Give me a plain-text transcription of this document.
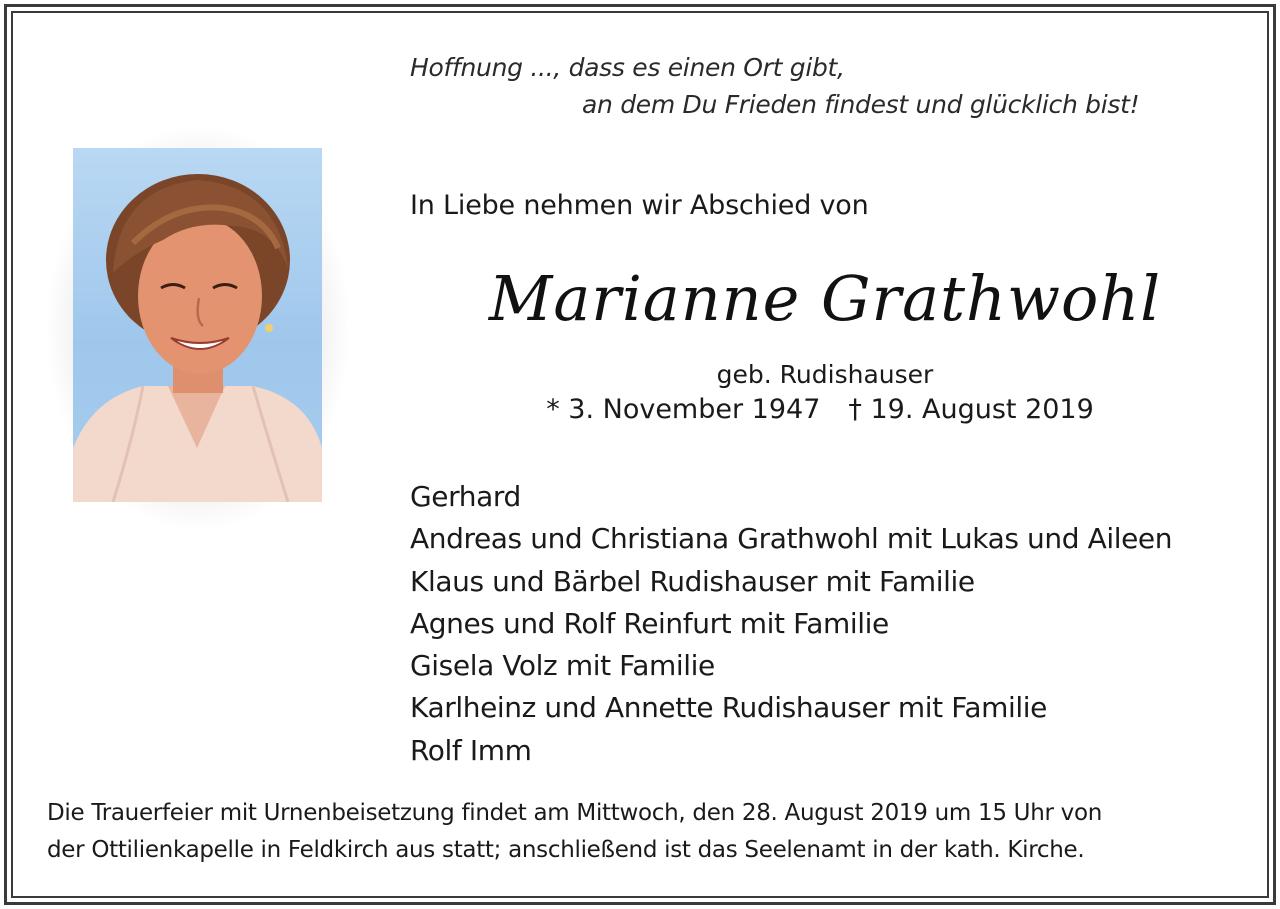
Hoffnung ..., dass es einen Ort gibt,
an dem Du Frieden findest und glücklich bist!
In Liebe nehmen wir Abschied von
Marianne Grathwohl
geb. Rudishauser
* 3. November 1947 † 19. August 2019
Gerhard
Andreas und Christiana Grathwohl mit Lukas und Aileen
Klaus und Bärbel Rudishauser mit Familie
Agnes und Rolf Reinfurt mit Familie
Gisela Volz mit Familie
Karlheinz und Annette Rudishauser mit Familie
Rolf Imm
Die Trauerfeier mit Urnenbeisetzung findet am Mittwoch, den 28. August 2019 um 15 Uhr von
der Ottilienkapelle in Feldkirch aus statt; anschließend ist das Seelenamt in der kath. Kirche.
